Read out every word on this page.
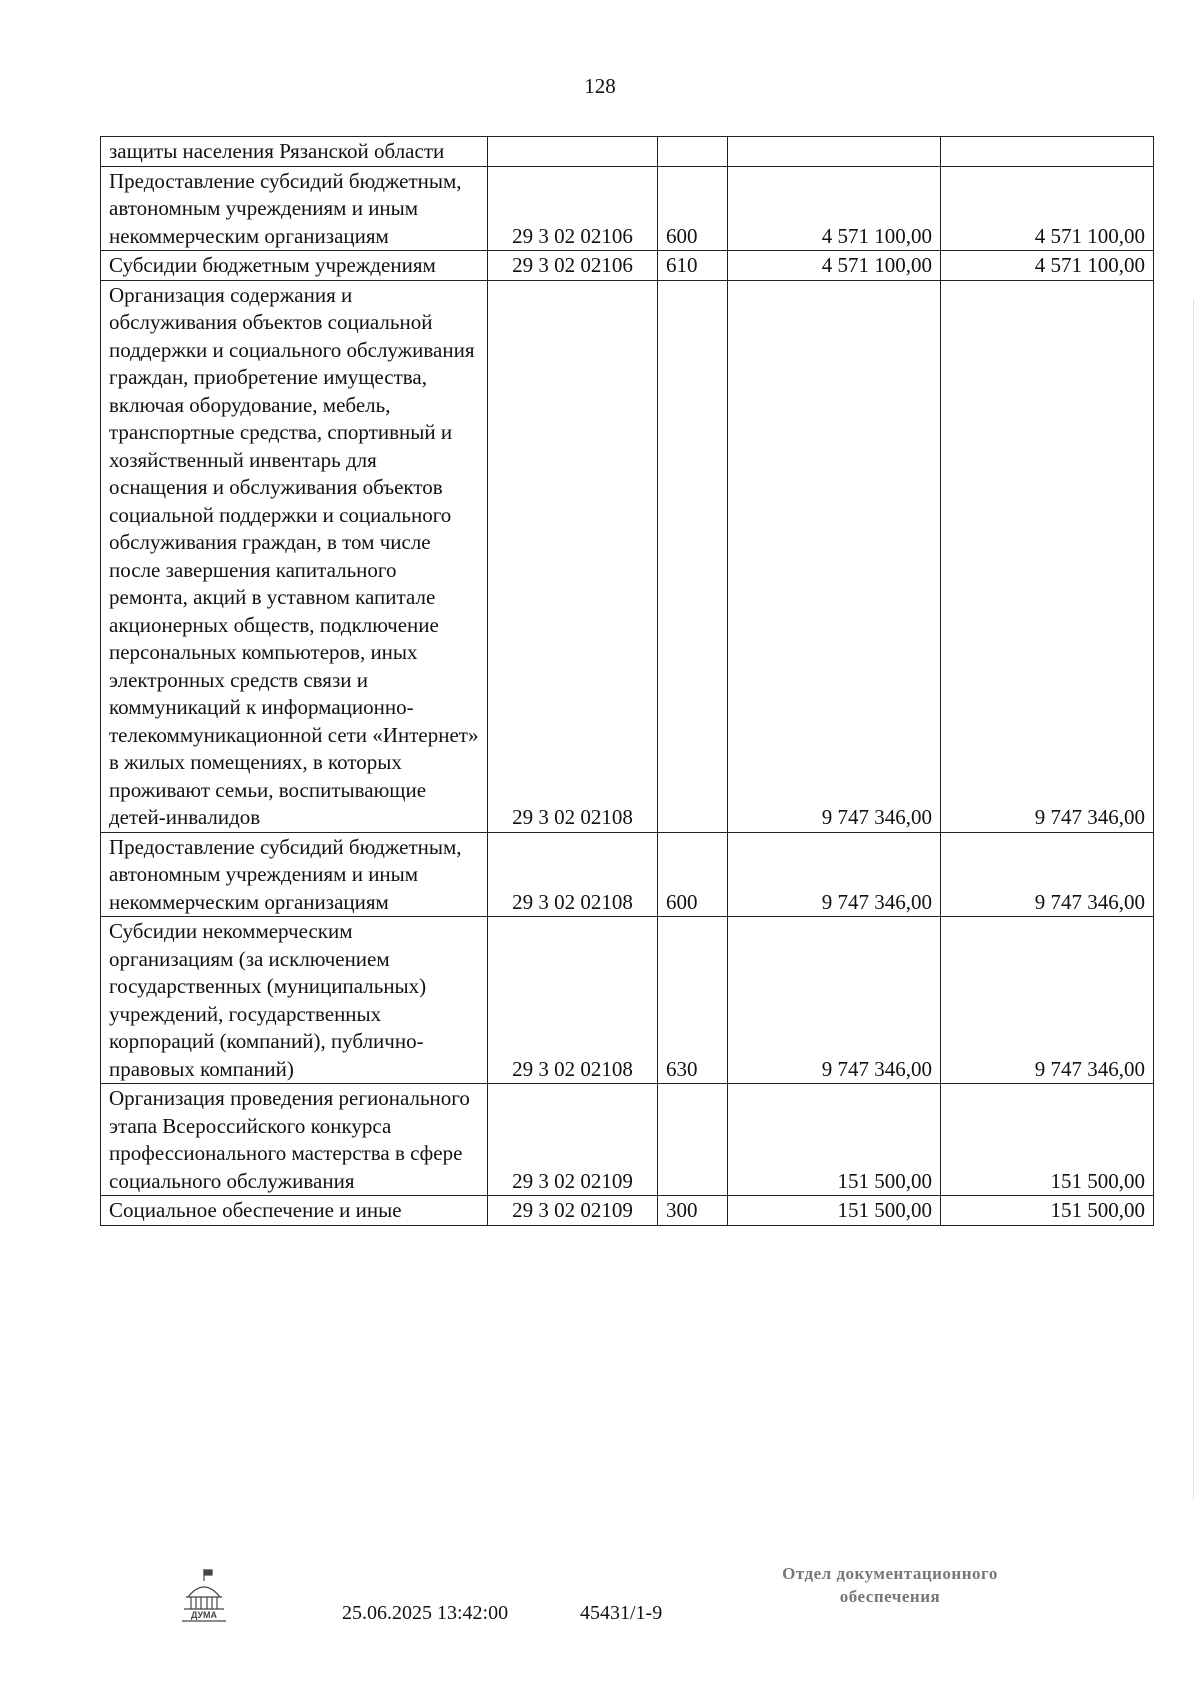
128
защиты населения Рязанской области				
Предоставление субсидий бюджетным, автономным учреждениям и иным некоммерческим организациям	29 3 02 02106	600	4 571 100,00	4 571 100,00
Субсидии бюджетным учреждениям	29 3 02 02106	610	4 571 100,00	4 571 100,00
Организация содержания и обслуживания объектов социальной поддержки и социального обслуживания граждан, приобретение имущества, включая оборудование, мебель, транспортные средства, спортивный и хозяйственный инвентарь для оснащения и обслуживания объектов социальной поддержки и социального обслуживания граждан, в том числе после завершения капитального ремонта, акций в уставном капитале акционерных обществ, подключение персональных компьютеров, иных электронных средств связи и коммуникаций к информационно-телекоммуникационной сети «Интернет» в жилых помещениях, в которых проживают семьи, воспитывающие детей-инвалидов	29 3 02 02108		9 747 346,00	9 747 346,00
Предоставление субсидий бюджетным, автономным учреждениям и иным некоммерческим организациям	29 3 02 02108	600	9 747 346,00	9 747 346,00
Субсидии некоммерческим организациям (за исключением государственных (муниципальных) учреждений, государственных корпораций (компаний), публично-правовых компаний)	29 3 02 02108	630	9 747 346,00	9 747 346,00
Организация проведения регионального этапа Всероссийского конкурса профессионального мастерства в сфере социального обслуживания	29 3 02 02109		151 500,00	151 500,00
Социальное обеспечение и иные	29 3 02 02109	300	151 500,00	151 500,00
ДУМА	25.06.2025 13:42:00	45431/1-9
Отдел документационного
обеспечения
